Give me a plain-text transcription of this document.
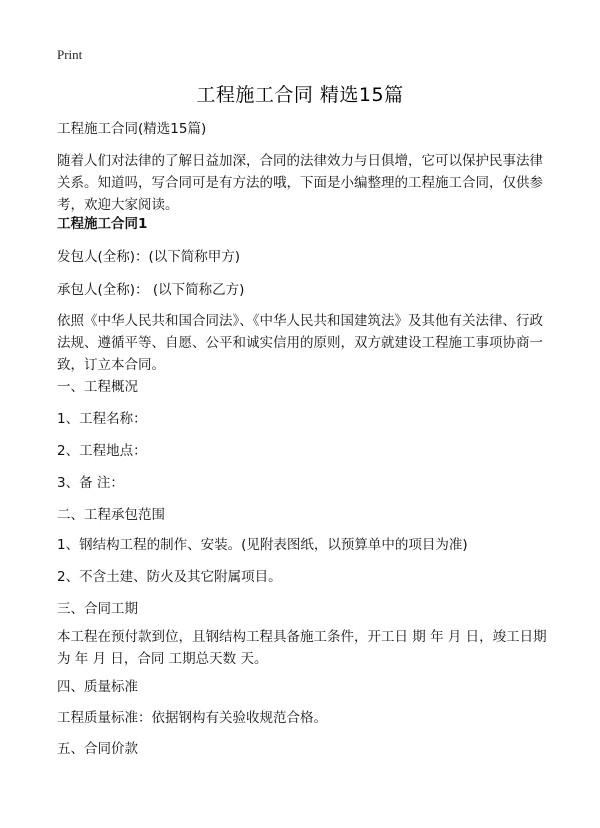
Print
工程施工合同 精选15篇
工程施工合同(精选15篇)
随着人们对法律的了解日益加深，合同的法律效力与日俱增，它可以保护民事法律关系。知道吗，写合同可是有方法的哦，下面是小编整理的工程施工合同，仅供参考，欢迎大家阅读。
工程施工合同1
发包人(全称)：(以下简称甲方)
承包人(全称)： (以下简称乙方)
依照《中华人民共和国合同法》、《中华人民共和国建筑法》及其他有关法律、行政法规、遵循平等、自愿、公平和诚实信用的原则，双方就建设工程施工事项协商一致，订立本合同。
一、工程概况
1、工程名称：
2、工程地点：
3、备 注：
二、工程承包范围
1、钢结构工程的制作、安装。(见附表图纸，以预算单中的项目为准)
2、不含土建、防火及其它附属项目。
三、合同工期
本工程在预付款到位，且钢结构工程具备施工条件，开工日 期 年 月 日，竣工日期为 年 月 日，合同 工期总天数 天。
四、质量标准
工程质量标准：依据钢构有关验收规范合格。
五、合同价款
